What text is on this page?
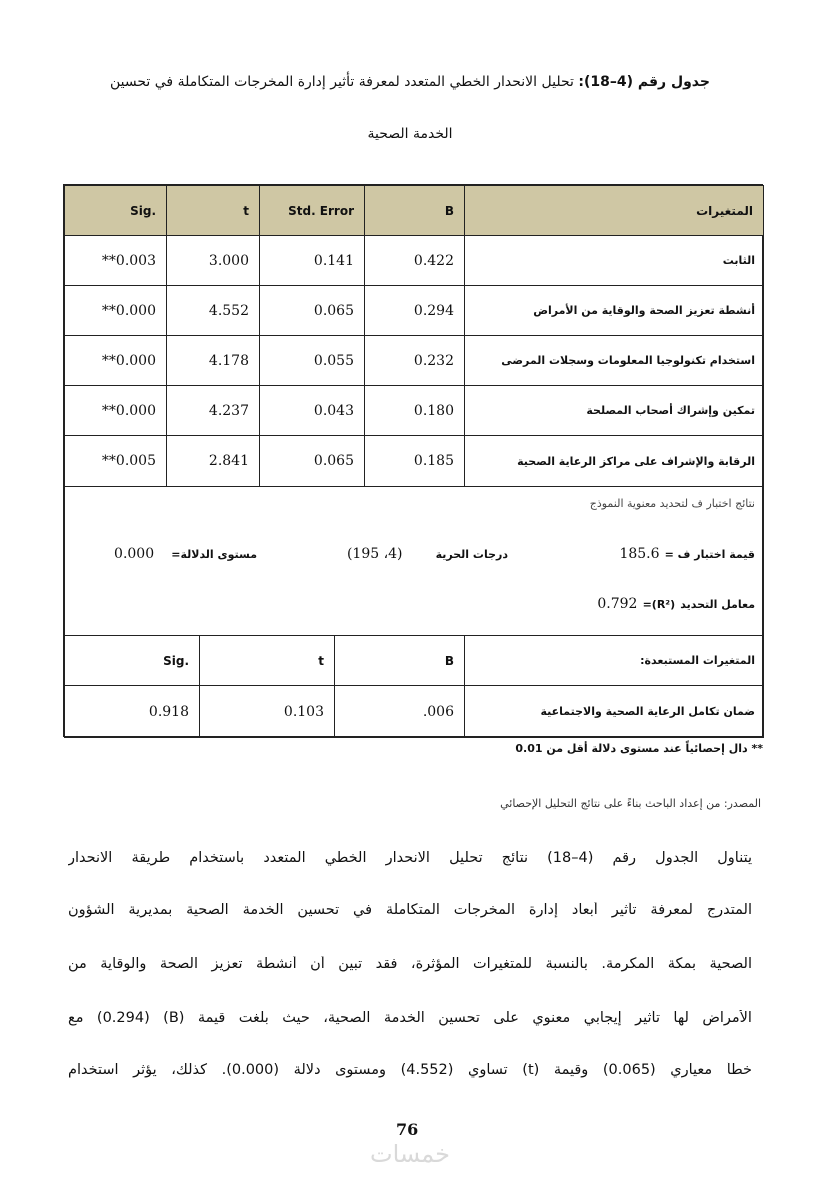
جدول رقم (4–18): تحليل الانحدار الخطي المتعدد لمعرفة تأثير إدارة المخرجات المتكاملة في تحسين
الخدمة الصحية
Sig.	t	Std. Error	B	المتغيرات
**0.003	3.000	0.141	0.422	الثابت
**0.000	4.552	0.065	0.294	أنشطة تعزيز الصحة والوقاية من الأمراض
**0.000	4.178	0.055	0.232	استخدام تكنولوجيا المعلومات وسجلات المرضى
**0.000	4.237	0.043	0.180	تمكين وإشراك أصحاب المصلحة
**0.005	2.841	0.065	0.185	الرقابة والإشراف على مراكز الرعاية الصحية
نتائج اختبار ف لتحديد معنوية النموذج
قيمة اختبار ف = 185.6
درجات الحرية (4، 195)
مستوى الدلالة= 0.000
معامل التحديد (R²)= 0.792
Sig.	t	B	المتغيرات المستبعدة:
0.918	0.103	.006	ضمان تكامل الرعاية الصحية والاجتماعية
** دال إحصائياً عند مستوى دلالة أقل من 0.01
المصدر: من إعداد الباحث بناءً على نتائج التحليل الإحصائي
يتناول الجدول رقم (4–18) نتائج تحليل الانحدار الخطي المتعدد باستخدام طريقة الانحدار
المتدرج لمعرفة تأثير أبعاد إدارة المخرجات المتكاملة في تحسين الخدمة الصحية بمديرية الشؤون
الصحية بمكة المكرمة. بالنسبة للمتغيرات المؤثرة، فقد تبين أن أنشطة تعزيز الصحة والوقاية من
الأمراض لها تأثير إيجابي معنوي على تحسين الخدمة الصحية، حيث بلغت قيمة (B) (0.294) مع
خطأ معياري (0.065) وقيمة (t) تساوي (4.552) ومستوى دلالة (0.000). كذلك، يؤثر استخدام
76
خمسات
